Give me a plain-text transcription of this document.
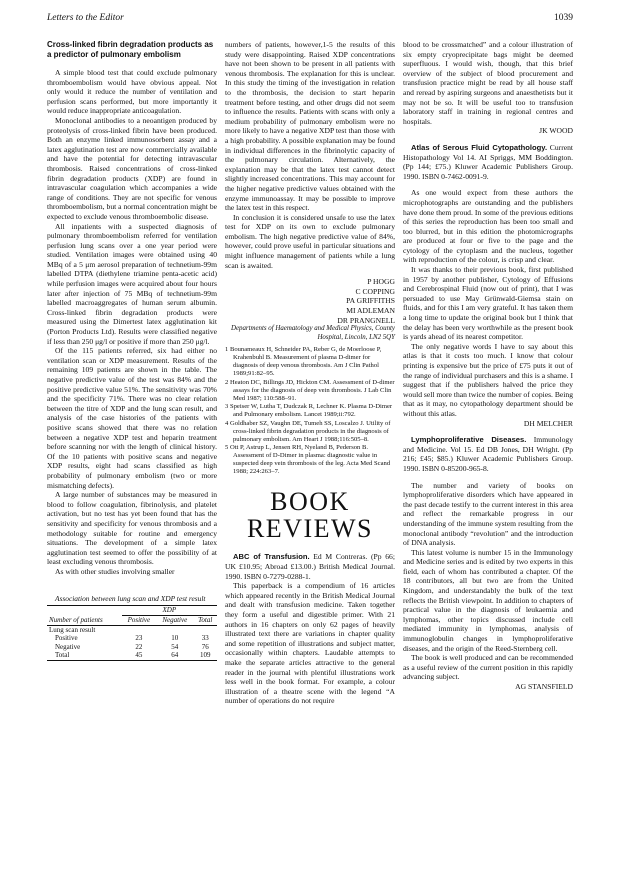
Letters to the Editor	1039
Cross-linked fibrin degradation products as a predictor of pulmonary embolism

A simple blood test that could exclude pulmonary thromboembolism would have obvious appeal. Not only would it reduce the number of ventilation and perfusion scans performed, but more importantly it would reduce inappropriate anticoagulation.

Monoclonal antibodies to a neoantigen produced by proteolysis of cross-linked fibrin have been produced. Both an enzyme linked immunosorbent assay and a latex agglutination test are now commercially available and have the potential for detecting intravascular thrombosis. Raised concentrations of cross-linked fibrin degradation products (XDP) are found in intravascular coagulation which accompanies a wide range of conditions. They are not specific for venous thromboembolism, but a normal concentration might be expected to exclude venous thromboembolic disease.

All inpatients with a suspected diagnosis of pulmonary thromboembolism referred for ventilation perfusion lung scans over a one year period were studied. Ventilation images were obtained using 40 MBq of a 5 μm aerosol preparation of technetium-99m labelled DTPA (diethylene triamine penta-acetic acid) while perfusion images were acquired about four hours later after injection of 75 MBq of technetium-99m labelled macroaggregates of human serum albumin. Cross-linked fibrin degradation products were measured using the Dimertest latex agglutination kit (Porton Products Ltd). Results were classified negative if less than 250 μg/l or positive if more than 250 μg/l.

Of the 115 patients referred, six had either no ventilation scan or XDP measurement. Results of the remaining 109 patients are shown in the table. The negative predictive value of the test was 84% and the positive predictive value 51%. The sensitivity was 70% and the specificity 71%. There was no clear relation between the titre of XDP and the lung scan result, and analysis of the case histories of the patients with positive scans showed that there was no relation between a negative XDP test and heparin treatment before scanning nor with the length of clinical history. Of the 10 patients with positive scans and negative XDP results, eight had scans classified as high probability of pulmonary embolism (two or more mismatching defects).

A large number of substances may be measured in blood to follow coagulation, fibrinolysis, and platelet activation, but no test has yet been found that has the sensitivity and specificity for venous thrombosis and a methodology suitable for routine and emergency situations. The development of a simple latex agglutination test seemed to offer the possibility of at least excluding venous thrombosis.

As with other studies involving smaller

Association between lung scan and XDP test result

	XDP		
Number of patients	Positive	Negative	Total
Lung scan result			
Positive	23	10	33
Negative	22	54	76
Total	45	64	109

numbers of patients, however,1-5 the results of this study were disappointing. Raised XDP concentrations have not been shown to be present in all patients with venous thrombosis. The explanation for this is unclear. In this study the timing of the investigation in relation to the thrombosis, the decision to start heparin treatment before testing, and other drugs did not seem to influence the results. Patients with scans with only a medium probability of pulmonary embolism were no more likely to have a negative XDP test than those with a high probability. A possible explanation may be found in individual differences in the fibrinolytic capacity of the pulmonary circulation. Alternatively, the explanation may be that the latex test cannot detect slightly increased concentrations. This may account for the higher negative predictive values obtained with the enzyme immunoassay. It may be possible to improve the latex test in this respect.

In conclusion it is considered unsafe to use the latex test for XDP on its own to exclude pulmonary embolism. The high negative predictive value of 84%, however, could prove useful in particular situations and might influence management of patients while a lung scan is awaited.

P HOGG
C COPPING
PA GRIFFITHS
MI ADLEMAN
DR PRANGNELL
Departments of Haematology and Medical Physics, County Hospital, Lincoln, LN2 5QY
1 Bounameaux H, Schneider PA, Reber G, de Moerloose P, Krahenbuhl B. Measurement of plasma D-dimer for diagnosis of deep venous thrombosis. Am J Clin Pathol 1989;91:82–95.
2 Heaton DC, Billings JD, Hickton CM. Assessment of D-dimer assays for the diagnosis of deep vein thrombosis. J Lab Clin Med 1987; 110:588–91.
3 Speiser W, Lutha T, Dudczak R, Lechner K. Plasma D-Dimer and Pulmonary embolism. Lancet 1989;ii:792.
4 Goldhaber SZ, Vaughn DE, Tumeh SS, Loscalzo J. Utility of cross-linked fibrin degradation products in the diagnosis of pulmonary embolism. Am Heart J 1988;116:505–8.
5 Ott P, Astrup L, Jensen RH, Nyeland B, Pederson B. Assessment of D-Dimer in plasma: diagnostic value in suspected deep vein thrombosis of the leg. Acta Med Scand 1988; 224:263–7.
BOOK
REVIEWS

ABC of Transfusion. Ed M Contreras. (Pp 66; UK £10.95; Abroad £13.00.) British Medical Journal. 1990. ISBN 0-7279-0288-1.

This paperback is a compendium of 16 articles which appeared recently in the British Medical Journal and dealt with transfusion medicine. Taken together they form a useful and digestible primer. With 21 authors in 16 chapters on only 62 pages of heavily illustrated text there are variations in chapter quality and some repetition of illustrations and subject matter, occasionally within chapters. Laudable attempts to make the separate articles attractive to the general reader in the journal with plentiful illustrations work less well in the book format. For example, a colour illustration of a theatre scene with the legend “A number of operations do not require

blood to be crossmatched” and a colour illustration of six empty cryoprecipitate bags might be deemed superfluous. I would wish, though, that this brief overview of the subject of blood procurement and transfusion practice might be read by all house staff and reread by aspiring surgeons and anaesthetists but it may not be so. It will be useful too to transfusion laboratory staff in training in regional centres and hospitals.

JK WOOD

Atlas of Serous Fluid Cytopathology. Current Histopathology Vol 14. AI Spriggs, MM Boddington. (Pp 144; £75.) Kluwer Academic Publishers Group. 1990. ISBN 0-7462-0091-9.

As one would expect from these authors the microphotographs are outstanding and the publishers have done them proud. In some of the previous editions of this series the reproduction has been too small and too blurred, but in this edition the photomicrographs are produced at four or five to the page and the cytology of the cytoplasm and the nucleus, together with reproduction of the colour, is crisp and clear.

It was thanks to their previous book, first published in 1957 by another publisher, Cytology of Effusions and Cerebrospinal Fluid (now out of print), that I was persuaded to use May Grünwald-Giemsa stain on fluids, and for this I am very grateful. It has taken them a long time to update the original book but I think that the delay has been very worthwhile as the present book is yards ahead of its nearest competitor.

The only negative words I have to say about this atlas is that it costs too much. I know that colour printing is expensive but the price of £75 puts it out of the range of individual purchasers and this is a shame. I suggest that if the publishers halved the price they would sell more than twice the number of copies. Being that as it may, no cytopathology department should be without this atlas.

DH MELCHER

Lymphoproliferative Diseases. Immunology and Medicine. Vol 15. Ed DB Jones, DH Wright. (Pp 216; £45; $85.) Kluwer Academic Publishers Group. 1990. ISBN 0-85200-965-8.

The number and variety of books on lymphoproliferative disorders which have appeared in the past decade testify to the current interest in this area and reflect the remarkable progress in our understanding of the immune system resulting from the monoclonal antibody “revolution” and the introduction of DNA analysis.

This latest volume is number 15 in the Immunology and Medicine series and is edited by two experts in this field, each of whom has contributed a chapter. Of the 18 contributors, all but two are from the United Kingdom, and understandably the bulk of the text reflects the British viewpoint. In addition to chapters of practical value in the diagnosis of leukaemia and lymphomas, other topics discussed include cell mediated immunity in lymphomas, analysis of immunoglobulin changes in lymphoproliferative diseases, and the origin of the Reed-Sternberg cell.

The book is well produced and can be recommended as a useful review of the current position in this rapidly advancing subject.

AG STANSFIELD
